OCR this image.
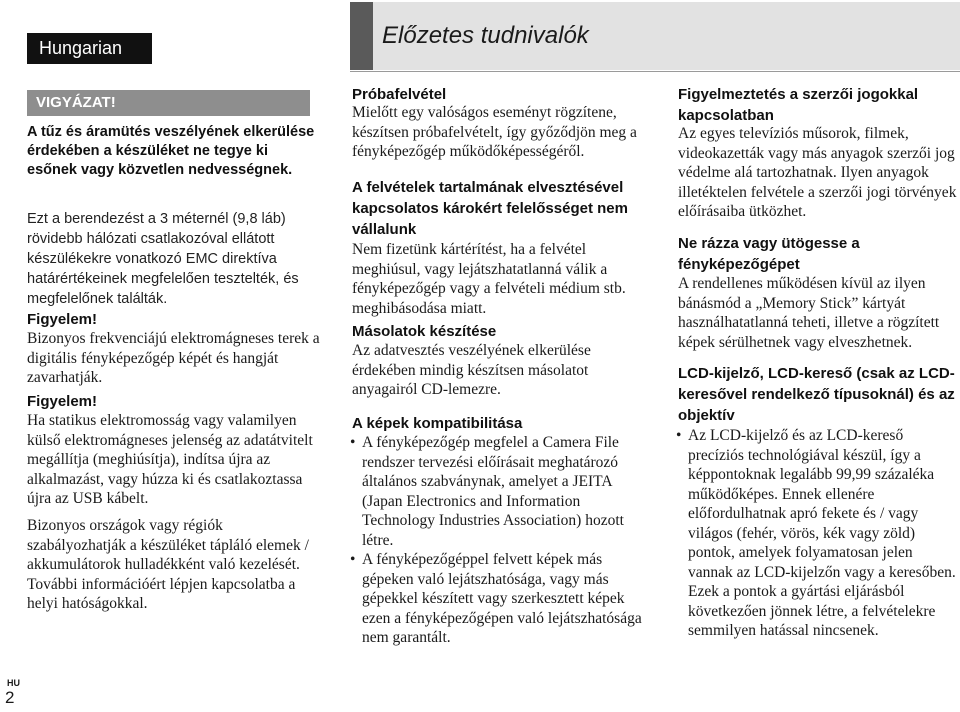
Hungarian	Előzetes tudnivalók
VIGYÁZAT!
A tűz és áramütés veszélyének elkerülése érdekében a készüléket ne tegye ki esőnek vagy közvetlen nedvességnek.
Ezt a berendezést a 3 méternél (9,8 láb) rövidebb hálózati csatlakozóval ellátott készülékekre vonatkozó EMC direktíva határértékeinek megfelelően tesztelték, és megfelelőnek találták.
Figyelem!
Bizonyos frekvenciájú elektromágneses terek a digitális fényképezőgép képét és hangját zavarhatják.
Figyelem!
Ha statikus elektromosság vagy valamilyen külső elektromágneses jelenség az adatátvitelt megállítja (meghiúsítja), indítsa újra az alkalmazást, vagy húzza ki és csatlakoztassa újra az USB kábelt.
Bizonyos országok vagy régiók szabályozhatják a készüléket tápláló elemek / akkumulátorok hulladékként való kezelését. További információért lépjen kapcsolatba a helyi hatóságokkal.
Próbafelvétel
Mielőtt egy valóságos eseményt rögzítene, készítsen próbafelvételt, így győződjön meg a fényképezőgép működőképességéről.
A felvételek tartalmának elvesztésével kapcsolatos károkért felelősséget nem vállalunk
Nem fizetünk kártérítést, ha a felvétel meghiúsul, vagy lejátszhatatlanná válik a fényképezőgép vagy a felvételi médium stb. meghibásodása miatt.
Másolatok készítése
Az adatvesztés veszélyének elkerülése érdekében mindig készítsen másolatot anyagairól CD-lemezre.
A képek kompatibilitása
• A fényképezőgép megfelel a Camera File rendszer tervezési előírásait meghatározó általános szabványnak, amelyet a JEITA (Japan Electronics and Information Technology Industries Association) hozott létre.
• A fényképezőgéppel felvett képek más gépeken való lejátszhatósága, vagy más gépekkel készített vagy szerkesztett képek ezen a fényképezőgépen való lejátszhatósága nem garantált.
Figyelmeztetés a szerzői jogokkal kapcsolatban
Az egyes televíziós műsorok, filmek, videokazetták vagy más anyagok szerzői jog védelme alá tartozhatnak. Ilyen anyagok illetéktelen felvétele a szerzői jogi törvények előírásaiba ütközhet.
Ne rázza vagy ütögesse a fényképezőgépet
A rendellenes működésen kívül az ilyen bánásmód a „Memory Stick” kártyát használhatatlanná teheti, illetve a rögzített képek sérülhetnek vagy elveszhetnek.
LCD-kijelző, LCD-kereső (csak az LCD-keresővel rendelkező típusoknál) és az objektív
• Az LCD-kijelző és az LCD-kereső precíziós technológiával készül, így a képpontoknak legalább 99,99 százaléka működőképes. Ennek ellenére előfordulhatnak apró fekete és / vagy világos (fehér, vörös, kék vagy zöld) pontok, amelyek folyamatosan jelen vannak az LCD-kijelzőn vagy a keresőben. Ezek a pontok a gyártási eljárásból következően jönnek létre, a felvételekre semmilyen hatással nincsenek.
HU
2
